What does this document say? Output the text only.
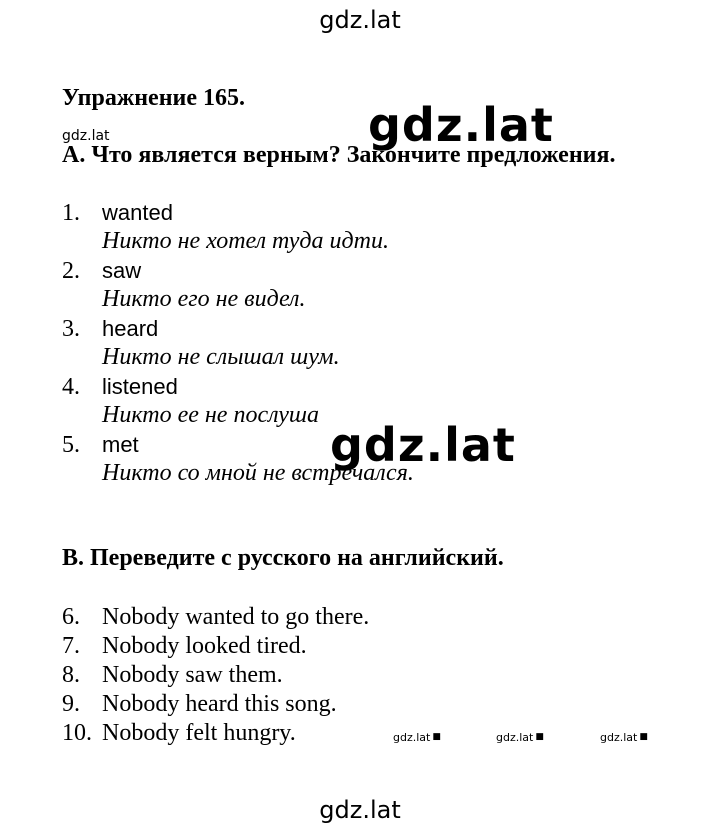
gdz.lat
Упражнение 165.	gdz.lat
gdz.lat
A. Что является верным? Закончите предложения.
1. wanted
Никто не хотел туда идти.
2. saw
Никто его не видел.
3. heard
Никто не слышал шум.
4. listened
Никто ее не послуша
5. met
Никто со мной не встречался.
gdz.lat
B. Переведите с русского на английский.
6. Nobody wanted to go there.
7. Nobody looked tired.
8. Nobody saw them.
9. Nobody heard this song.
10. Nobody felt hungry.	gdz.lat ■	gdz.lat ■	gdz.lat ■
gdz.lat
